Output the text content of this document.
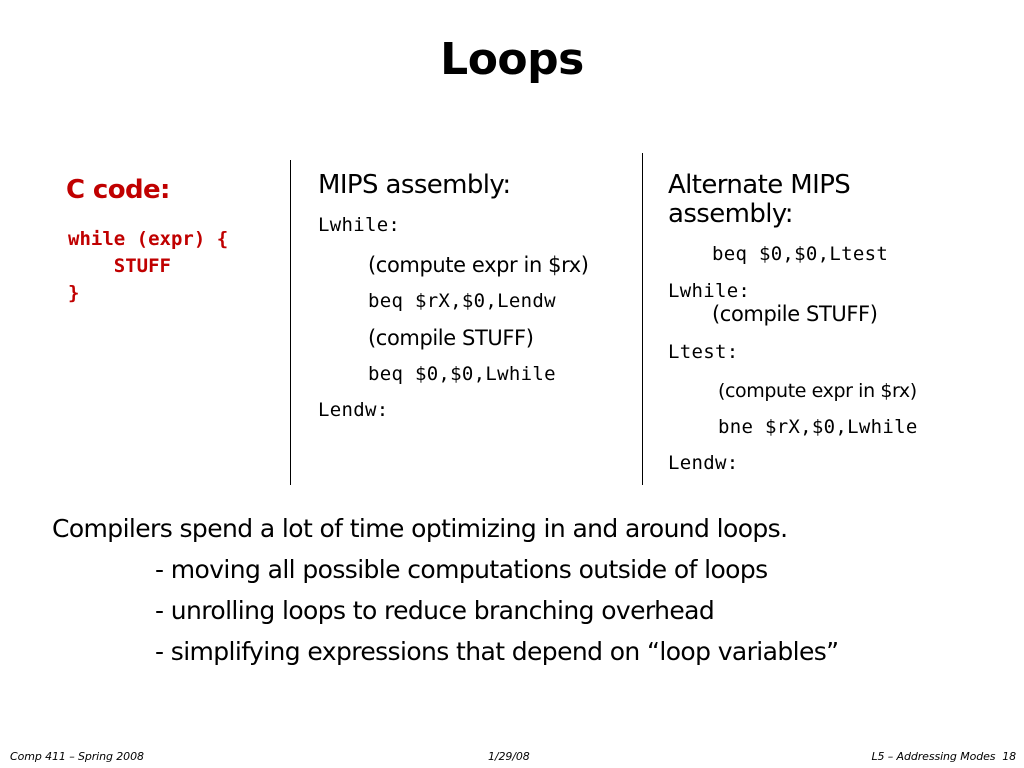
Loops
C code:
while (expr) {
STUFF
}
MIPS assembly:
Lwhile:
(compute expr in $rx)
beq $rX,$0,Lendw
(compile STUFF)
beq $0,$0,Lwhile
Lendw:
Alternate MIPS
assembly:
beq $0,$0,Ltest
Lwhile:
(compile STUFF)
Ltest:
(compute expr in $rx)
bne $rX,$0,Lwhile
Lendw:
Compilers spend a lot of time optimizing in and around loops.
- moving all possible computations outside of loops
- unrolling loops to reduce branching overhead
- simplifying expressions that depend on “loop variables”
Comp 411 – Spring 2008	1/29/08	L5 – Addressing Modes  18
